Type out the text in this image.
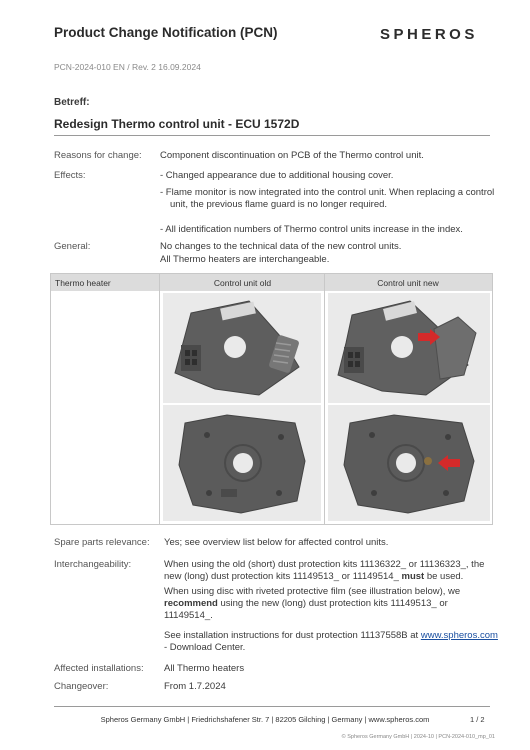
Product Change Notification (PCN)	SPHEROS
PCN-2024-010 EN / Rev. 2 16.09.2024
Betreff:
Redesign Thermo control unit - ECU 1572D
Reasons for change: Component discontinuation on PCB of the Thermo control unit.
Effects:	- Changed appearance due to additional housing cover.
- Flame monitor is now integrated into the control unit. When replacing a control unit, the previous flame guard is no longer required.
- All identification numbers of Thermo control units increase in the index.
General:	No changes to the technical data of the new control units.
All Thermo heaters are interchangeable.
Thermo heater	Control unit old	Control unit new
Spare parts relevance: Yes; see overview list below for affected control units.
Interchangeability:	When using the old (short) dust protection kits 11136322_ or 11136323_, the new (long) dust protection kits 11149513_ or 11149514_ must be used.
When using disc with riveted protective film (see illustration below), we recommend using the new (long) dust protection kits 11149513_ or 11149514_.
See installation instructions for dust protection 11137558B at www.spheros.com - Download Center.
Affected installations: All Thermo heaters
Changeover:	From 1.7.2024
Spheros Germany GmbH | Friedrichshafener Str. 7 | 82205 Gilching | Germany | www.spheros.com	1 / 2
© Spheros Germany GmbH | 2024-10 | PCN-2024-010_mp_01
